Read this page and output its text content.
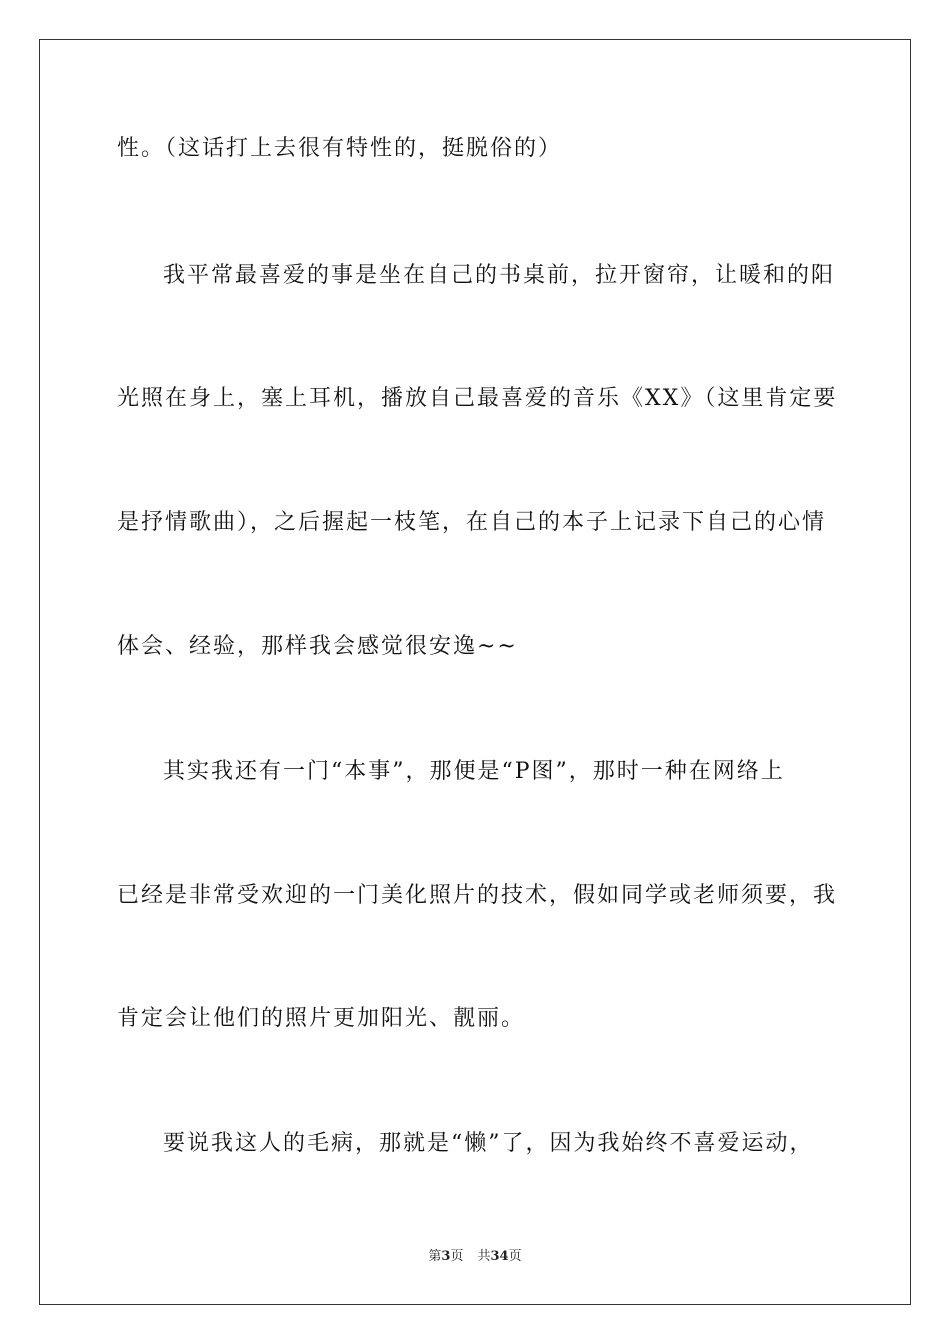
性。（这话打上去很有特性的，挺脱俗的）
我平常最喜爱的事是坐在自己的书桌前，拉开窗帘，让暖和的阳
光照在身上，塞上耳机，播放自己最喜爱的音乐《XX》（这里肯定要
是抒情歌曲），之后握起一枝笔，在自己的本子上记录下自己的心情
体会、经验，那样我会感觉很安逸~~
其实我还有一门“本事”，那便是“P图”，那时一种在网络上
已经是非常受欢迎的一门美化照片的技术，假如同学或老师须要，我
肯定会让他们的照片更加阳光、靓丽。
要说我这人的毛病，那就是“懒”了，因为我始终不喜爱运动，
第3页 共34页
